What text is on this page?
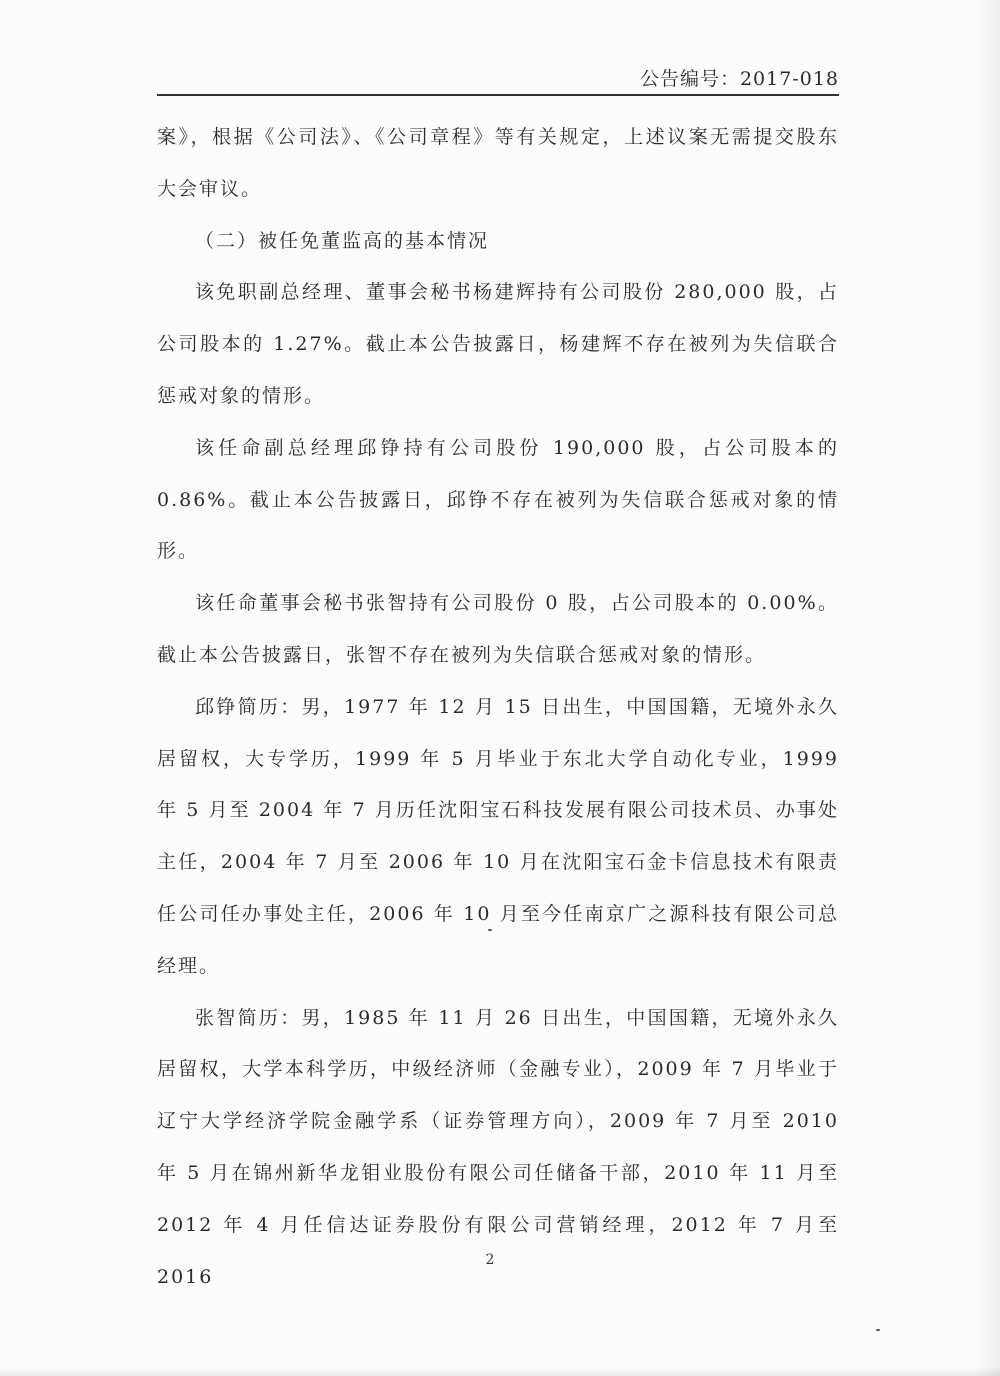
公告编号：2017-018

案》，根据《公司法》、《公司章程》等有关规定，上述议案无需提交股东大会审议。

（二）被任免董监高的基本情况

该免职副总经理、董事会秘书杨建辉持有公司股份 280,000 股，占公司股本的 1.27%。截止本公告披露日，杨建辉不存在被列为失信联合惩戒对象的情形。

该任命副总经理邱铮持有公司股份 190,000 股，占公司股本的 0.86%。截止本公告披露日，邱铮不存在被列为失信联合惩戒对象的情形。

该任命董事会秘书张智持有公司股份 0 股，占公司股本的 0.00%。截止本公告披露日，张智不存在被列为失信联合惩戒对象的情形。

邱铮简历：男，1977 年 12 月 15 日出生，中国国籍，无境外永久居留权，大专学历，1999 年 5 月毕业于东北大学自动化专业，1999 年 5 月至 2004 年 7 月历任沈阳宝石科技发展有限公司技术员、办事处主任，2004 年 7 月至 2006 年 10 月在沈阳宝石金卡信息技术有限责任公司任办事处主任，2006 年 10 月至今任南京广之源科技有限公司总经理。

张智简历：男，1985 年 11 月 26 日出生，中国国籍，无境外永久居留权，大学本科学历，中级经济师（金融专业），2009 年 7 月毕业于辽宁大学经济学院金融学系（证券管理方向），2009 年 7 月至 2010 年 5 月在锦州新华龙钼业股份有限公司任储备干部，2010 年 11 月至 2012 年 4 月任信达证券股份有限公司营销经理，2012 年 7 月至 2016

2
